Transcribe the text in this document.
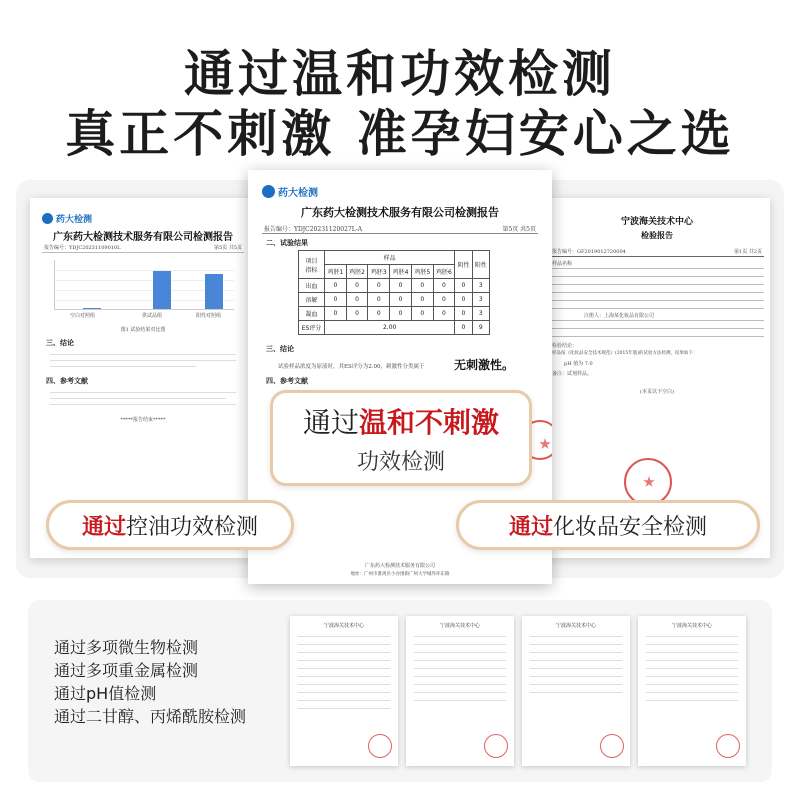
通过温和功效检测
真正不刺激 准孕妇安心之选
药大检测
广东药大检测技术服务有限公司检测报告
报告编号：YDJC20231109010L	第5页 共5页
空白对照组	供试品组	阳性对照组
图1 试验结果对比图
三、结论
四、参考文献
*****报告结束*****
宁波海关技术中心
检验报告
报告编号：GF2019012720004	第1页 共2页
样品名称
注册人：上海某化妆品有限公司
检验结论：
样品按《化妆品安全技术规范》(2015年版)的试验方法检测，结果如下：
pH 值为 7.0
备注：试剂样品。
(本页以下空白)
药大检测
广东药大检测技术服务有限公司检测报告
报告编号：YDJC20231120027L-A	第5页 共5页
二、试验结果
项目
指标	样品						阴性	阳性
	鸡胚1	鸡胚2	鸡胚3	鸡胚4	鸡胚5	鸡胚6		
出血	0	0	0	0	0	0	0	3
溶解	0	0	0	0	0	0	0	3
凝血	0	0	0	0	0	0	0	3
ES评分	2.00						0	9
三、结论
试验样品浓度为原液时，其ES评分为2.00，刺激性分类属于 无刺激性。
四、参考文献
广东药大检测技术服务有限公司
地址：广州市番禺区小谷围街广州大学城外环东路
通过温和不刺激
功效检测
通过 控油功效检测	通过 化妆品安全检测
通过多项微生物检测
通过多项重金属检测
通过pH值检测
通过二甘醇、丙烯酰胺检测
宁波海关技术中心	宁波海关技术中心	宁波海关技术中心	宁波海关技术中心
